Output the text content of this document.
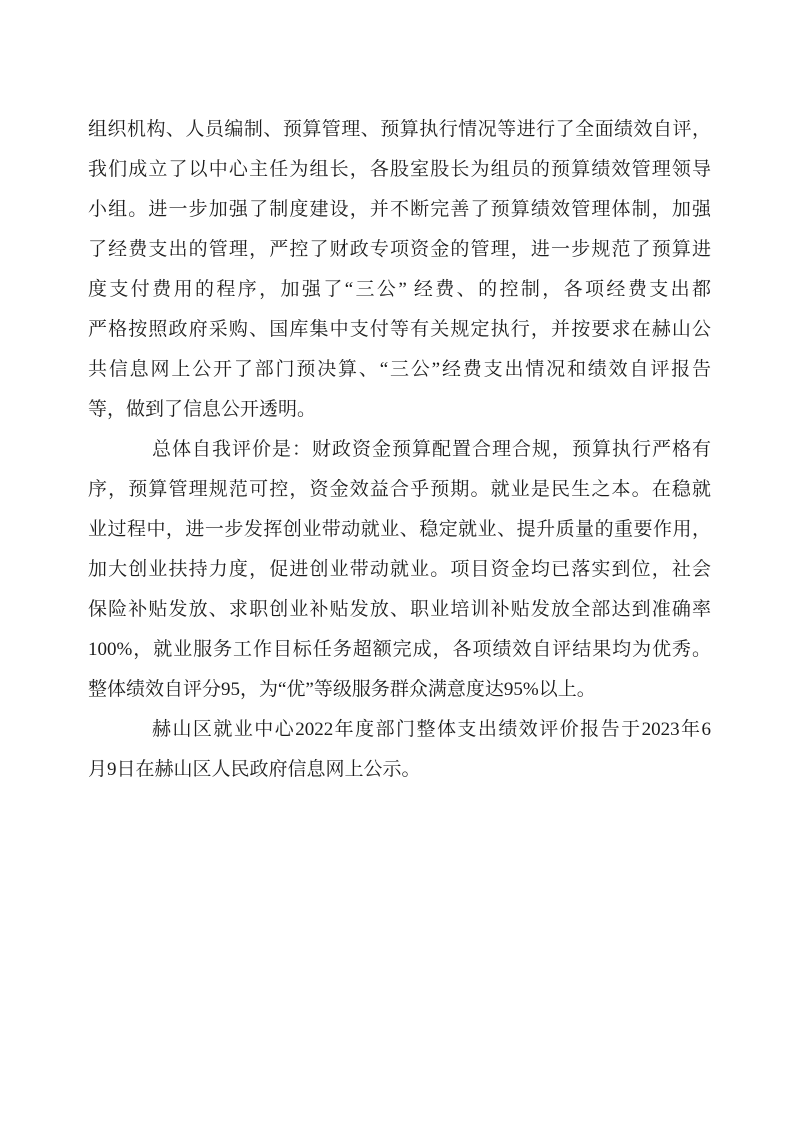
组织机构、人员编制、预算管理、预算执行情况等进行了全面绩效自评，
我们成立了以中心主任为组长，各股室股长为组员的预算绩效管理领导
小组。进一步加强了制度建设，并不断完善了预算绩效管理体制，加强
了经费支出的管理，严控了财政专项资金的管理，进一步规范了预算进
度支付费用的程序，加强了“三公” 经费、的控制，各项经费支出都
严格按照政府采购、国库集中支付等有关规定执行，并按要求在赫山公
共信息网上公开了部门预决算、“三公”经费支出情况和绩效自评报告
等，做到了信息公开透明。
总体自我评价是：财政资金预算配置合理合规，预算执行严格有
序，预算管理规范可控，资金效益合乎预期。就业是民生之本。在稳就
业过程中，进一步发挥创业带动就业、稳定就业、提升质量的重要作用，
加大创业扶持力度，促进创业带动就业。项目资金均已落实到位，社会
保险补贴发放、求职创业补贴发放、职业培训补贴发放全部达到准确率
100%，就业服务工作目标任务超额完成，各项绩效自评结果均为优秀。
整体绩效自评分95，为“优”等级服务群众满意度达95%以上。
赫山区就业中心2022年度部门整体支出绩效评价报告于2023年6
月9日在赫山区人民政府信息网上公示。
